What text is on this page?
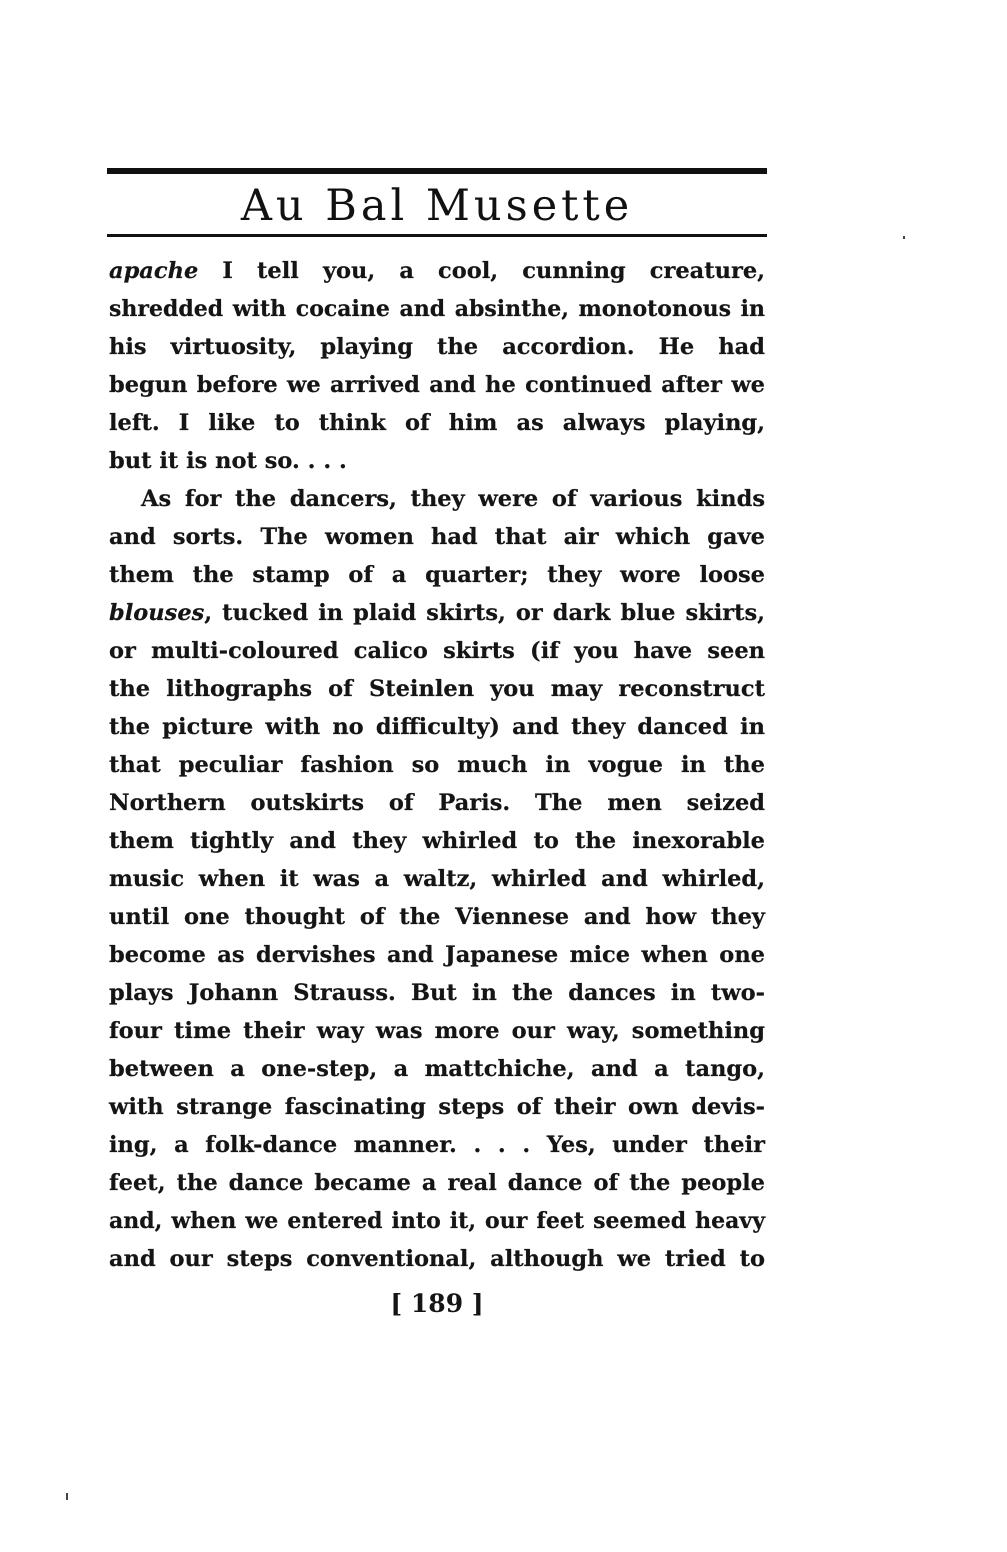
Au Bal Musette
apache I tell you, a cool, cunning creature,
shredded with cocaine and absinthe, monotonous in
his virtuosity, playing the accordion. He had
begun before we arrived and he continued after we
left. I like to think of him as always playing,
but it is not so. . . .
As for the dancers, they were of various kinds
and sorts. The women had that air which gave
them the stamp of a quarter; they wore loose
blouses, tucked in plaid skirts, or dark blue skirts,
or multi-coloured calico skirts (if you have seen
the lithographs of Steinlen you may reconstruct
the picture with no difficulty) and they danced in
that peculiar fashion so much in vogue in the
Northern outskirts of Paris. The men seized
them tightly and they whirled to the inexorable
music when it was a waltz, whirled and whirled,
until one thought of the Viennese and how they
become as dervishes and Japanese mice when one
plays Johann Strauss. But in the dances in two-
four time their way was more our way, something
between a one-step, a mattchiche, and a tango,
with strange fascinating steps of their own devis-
ing, a folk-dance manner. . . . Yes, under their
feet, the dance became a real dance of the people
and, when we entered into it, our feet seemed heavy
and our steps conventional, although we tried to
[ 189 ]
